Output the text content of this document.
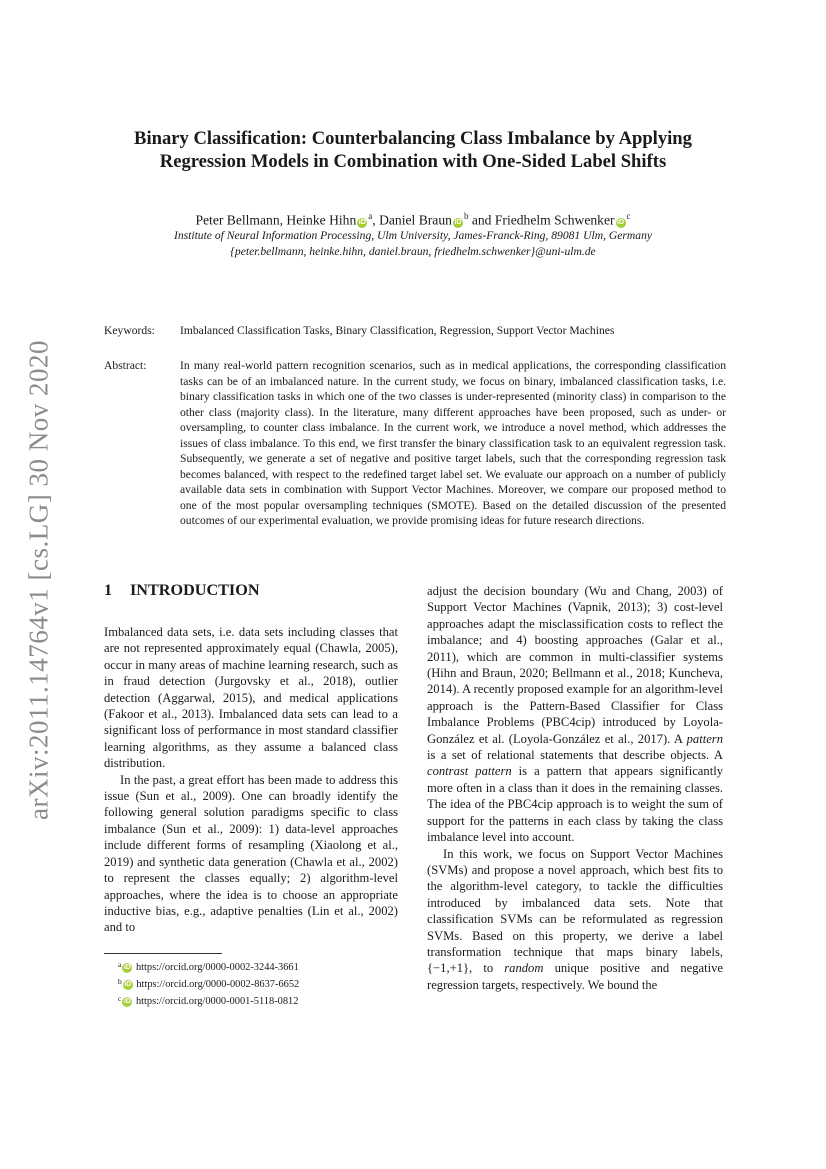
arXiv:2011.14764v1 [cs.LG] 30 Nov 2020
Binary Classification: Counterbalancing Class Imbalance by Applying
Regression Models in Combination with One-Sided Label Shifts
Peter Bellmann, Heinke Hihn $iD^a$, Daniel Braun $iD^b$ and Friedhelm Schwenker $iD^c$
Institute of Neural Information Processing, Ulm University, James-Franck-Ring, 89081 Ulm, Germany
{peter.bellmann, heinke.hihn, daniel.braun, friedhelm.schwenker}@uni-ulm.de
Keywords: Imbalanced Classification Tasks, Binary Classification, Regression, Support Vector Machines
Abstract:	In many real-world pattern recognition scenarios, such as in medical applications, the corresponding classification tasks can be of an imbalanced nature. In the current study, we focus on binary, imbalanced classification tasks, i.e. binary classification tasks in which one of the two classes is under-represented (minority class) in comparison to the other class (majority class). In the literature, many different approaches have been proposed, such as under- or oversampling, to counter class imbalance. In the current work, we introduce a novel method, which addresses the issues of class imbalance. To this end, we first transfer the binary classification task to an equivalent regression task. Subsequently, we generate a set of negative and positive target labels, such that the corresponding regression task becomes balanced, with respect to the redefined target label set. We evaluate our approach on a number of publicly available data sets in combination with Support Vector Machines. Moreover, we compare our proposed method to one of the most popular oversampling techniques (SMOTE). Based on the detailed discussion of the presented outcomes of our experimental evaluation, we provide promising ideas for future research directions.
1 INTRODUCTION

Imbalanced data sets, i.e. data sets including classes that are not represented approximately equal (Chawla, 2005), occur in many areas of machine learning research, such as in fraud detection (Jurgovsky et al., 2018), outlier detection (Aggarwal, 2015), and medical applications (Fakoor et al., 2013). Imbalanced data sets can lead to a significant loss of performance in most standard classifier learning algorithms, as they assume a balanced class distribution.

In the past, a great effort has been made to address this issue (Sun et al., 2009). One can broadly identify the following general solution paradigms specific to class imbalance (Sun et al., 2009): 1) data-level approaches include different forms of resampling (Xiaolong et al., 2019) and synthetic data generation (Chawla et al., 2002) to represent the classes equally; 2) algorithm-level approaches, where the idea is to choose an appropriate inductive bias, e.g., adaptive penalties (Lin et al., 2002) and to

adjust the decision boundary (Wu and Chang, 2003) of Support Vector Machines (Vapnik, 2013); 3) cost-level approaches adapt the misclassification costs to reflect the imbalance; and 4) boosting approaches (Galar et al., 2011), which are common in multi-classifier systems (Hihn and Braun, 2020; Bellmann et al., 2018; Kuncheva, 2014). A recently proposed example for an algorithm-level approach is the Pattern-Based Classifier for Class Imbalance Problems (PBC4cip) introduced by Loyola-González et al. (Loyola-González et al., 2017). A pattern is a set of relational statements that describe objects. A contrast pattern is a pattern that appears significantly more often in a class than it does in the remaining classes. The idea of the PBC4cip approach is to weight the sum of support for the patterns in each class by taking the class imbalance level into account.

In this work, we focus on Support Vector Machines (SVMs) and propose a novel approach, which best fits to the algorithm-level category, to tackle the difficulties introduced by imbalanced data sets. Note that classification SVMs can be reformulated as regression SVMs. Based on this property, we derive a label transformation technique that maps binary labels, {−1,+1}, to random unique positive and negative regression targets, respectively. We bound the

$^a$ iD https://orcid.org/0000-0002-3244-3661
$^b$ iD https://orcid.org/0000-0002-8637-6652
$^c$ iD https://orcid.org/0000-0001-5118-0812
